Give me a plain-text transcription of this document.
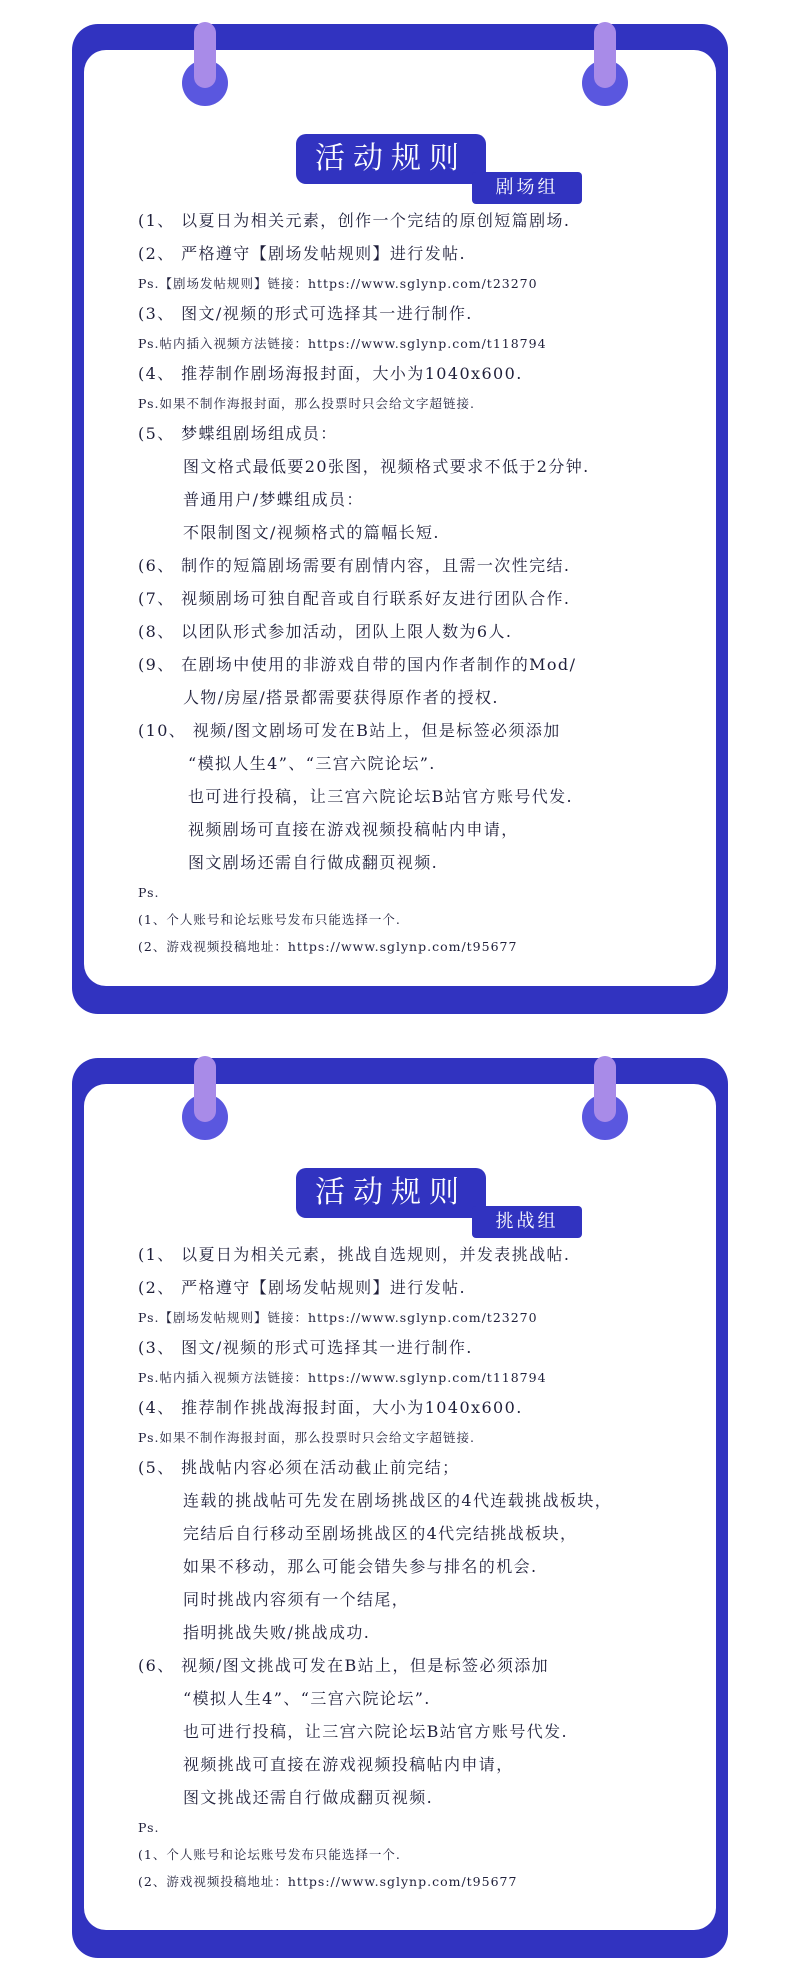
活动规则
剧场组
(1、 以夏日为相关元素，创作一个完结的原创短篇剧场.
(2、 严格遵守【剧场发帖规则】进行发帖.
Ps.【剧场发帖规则】链接：https://www.sglynp.com/t23270
(3、 图文/视频的形式可选择其一进行制作.
Ps.帖内插入视频方法链接：https://www.sglynp.com/t118794
(4、 推荐制作剧场海报封面，大小为1040x600.
Ps.如果不制作海报封面，那么投票时只会给文字超链接.
(5、 梦蝶组剧场组成员：
图文格式最低要20张图，视频格式要求不低于2分钟.
普通用户/梦蝶组成员：
不限制图文/视频格式的篇幅长短.
(6、 制作的短篇剧场需要有剧情内容，且需一次性完结.
(7、 视频剧场可独自配音或自行联系好友进行团队合作.
(8、 以团队形式参加活动，团队上限人数为6人.
(9、 在剧场中使用的非游戏自带的国内作者制作的Mod/
人物/房屋/搭景都需要获得原作者的授权.
(10、 视频/图文剧场可发在B站上，但是标签必须添加
“模拟人生4”、“三宫六院论坛”.
也可进行投稿，让三宫六院论坛B站官方账号代发.
视频剧场可直接在游戏视频投稿帖内申请，
图文剧场还需自行做成翻页视频.
Ps.
(1、个人账号和论坛账号发布只能选择一个.
(2、游戏视频投稿地址：https://www.sglynp.com/t95677
活动规则
挑战组
(1、 以夏日为相关元素，挑战自选规则，并发表挑战帖.
(2、 严格遵守【剧场发帖规则】进行发帖.
Ps.【剧场发帖规则】链接：https://www.sglynp.com/t23270
(3、 图文/视频的形式可选择其一进行制作.
Ps.帖内插入视频方法链接：https://www.sglynp.com/t118794
(4、 推荐制作挑战海报封面，大小为1040x600.
Ps.如果不制作海报封面，那么投票时只会给文字超链接.
(5、 挑战帖内容必须在活动截止前完结；
连载的挑战帖可先发在剧场挑战区的4代连载挑战板块，
完结后自行移动至剧场挑战区的4代完结挑战板块，
如果不移动，那么可能会错失参与排名的机会.
同时挑战内容须有一个结尾，
指明挑战失败/挑战成功.
(6、 视频/图文挑战可发在B站上，但是标签必须添加
“模拟人生4”、“三宫六院论坛”.
也可进行投稿，让三宫六院论坛B站官方账号代发.
视频挑战可直接在游戏视频投稿帖内申请，
图文挑战还需自行做成翻页视频.
Ps.
(1、个人账号和论坛账号发布只能选择一个.
(2、游戏视频投稿地址：https://www.sglynp.com/t95677
